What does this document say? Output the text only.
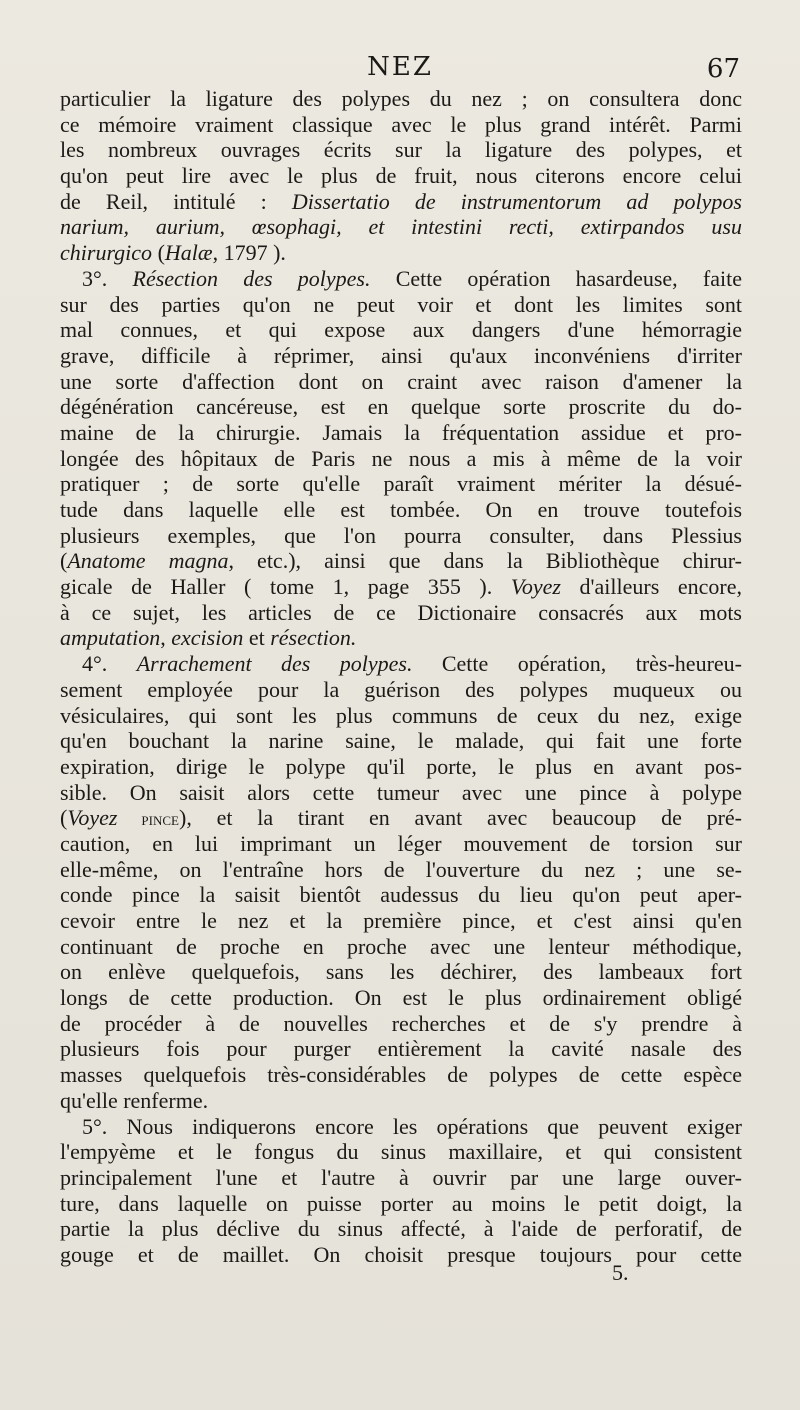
NEZ	67
particulier la ligature des polypes du nez ; on consultera donc
ce mémoire vraiment classique avec le plus grand intérêt. Parmi
les nombreux ouvrages écrits sur la ligature des polypes, et
qu'on peut lire avec le plus de fruit, nous citerons encore celui
de Reil, intitulé : Dissertatio de instrumentorum ad polypos
narium, aurium, œsophagi, et intestini recti, extirpandos usu
chirurgico (Halæ, 1797 ).
3°. Résection des polypes. Cette opération hasardeuse, faite
sur des parties qu'on ne peut voir et dont les limites sont
mal connues, et qui expose aux dangers d'une hémorragie
grave, difficile à réprimer, ainsi qu'aux inconvéniens d'irriter
une sorte d'affection dont on craint avec raison d'amener la
dégénération cancéreuse, est en quelque sorte proscrite du do-
maine de la chirurgie. Jamais la fréquentation assidue et pro-
longée des hôpitaux de Paris ne nous a mis à même de la voir
pratiquer ; de sorte qu'elle paraît vraiment mériter la désué-
tude dans laquelle elle est tombée. On en trouve toutefois
plusieurs exemples, que l'on pourra consulter, dans Plessius
(Anatome magna, etc.), ainsi que dans la Bibliothèque chirur-
gicale de Haller ( tome 1, page 355 ). Voyez d'ailleurs encore,
à ce sujet, les articles de ce Dictionaire consacrés aux mots
amputation, excision et résection.
4°. Arrachement des polypes. Cette opération, très-heureu-
sement employée pour la guérison des polypes muqueux ou
vésiculaires, qui sont les plus communs de ceux du nez, exige
qu'en bouchant la narine saine, le malade, qui fait une forte
expiration, dirige le polype qu'il porte, le plus en avant pos-
sible. On saisit alors cette tumeur avec une pince à polype
(Voyez pince), et la tirant en avant avec beaucoup de pré-
caution, en lui imprimant un léger mouvement de torsion sur
elle-même, on l'entraîne hors de l'ouverture du nez ; une se-
conde pince la saisit bientôt audessus du lieu qu'on peut aper-
cevoir entre le nez et la première pince, et c'est ainsi qu'en
continuant de proche en proche avec une lenteur méthodique,
on enlève quelquefois, sans les déchirer, des lambeaux fort
longs de cette production. On est le plus ordinairement obligé
de procéder à de nouvelles recherches et de s'y prendre à
plusieurs fois pour purger entièrement la cavité nasale des
masses quelquefois très-considérables de polypes de cette espèce
qu'elle renferme.
5°. Nous indiquerons encore les opérations que peuvent exiger
l'empyème et le fongus du sinus maxillaire, et qui consistent
principalement l'une et l'autre à ouvrir par une large ouver-
ture, dans laquelle on puisse porter au moins le petit doigt, la
partie la plus déclive du sinus affecté, à l'aide de perforatif, de
gouge et de maillet. On choisit presque toujours pour cette
5.
